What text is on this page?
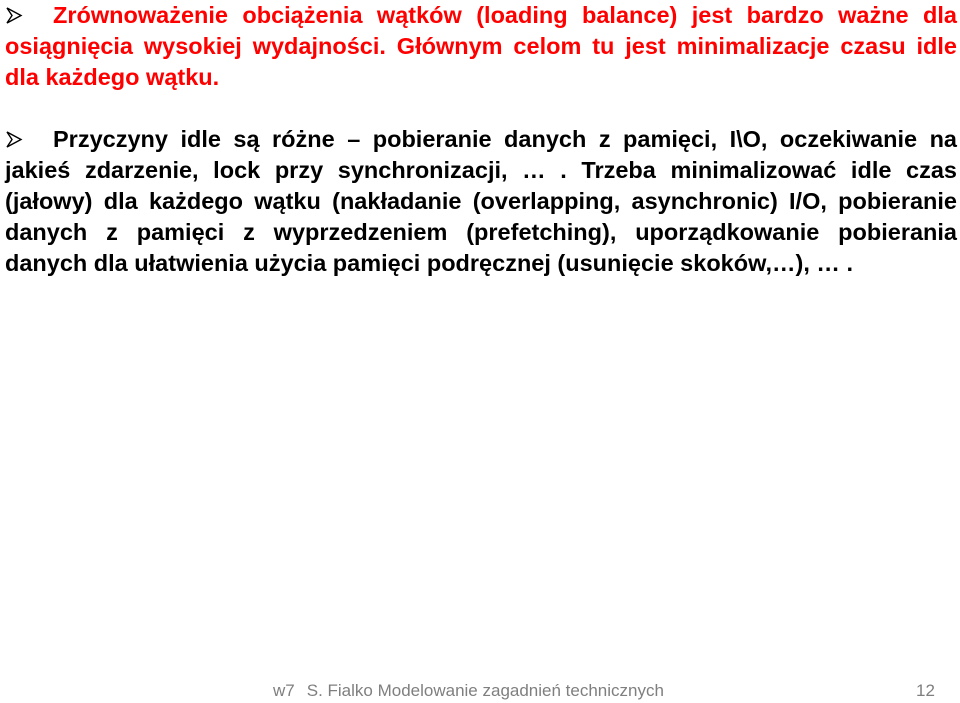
Zrównoważenie obciążenia wątków (loading balance) jest bardzo ważne dla osiągnięcia wysokiej wydajności. Głównym celom tu jest minimalizacje czasu idle dla każdego wątku.

Przyczyny idle są różne – pobieranie danych z pamięci, I\O, oczekiwanie na jakieś zdarzenie, lock przy synchronizacji, … . Trzeba minimalizować idle czas (jałowy) dla każdego wątku (nakładanie (overlapping, asynchronic) I/O, pobieranie danych z pamięci z wyprzedzeniem (prefetching), uporządkowanie pobierania danych dla ułatwienia użycia pamięci podręcznej (usunięcie skoków,…), … .

w7 S. Fialko Modelowanie zagadnień technicznych	12
